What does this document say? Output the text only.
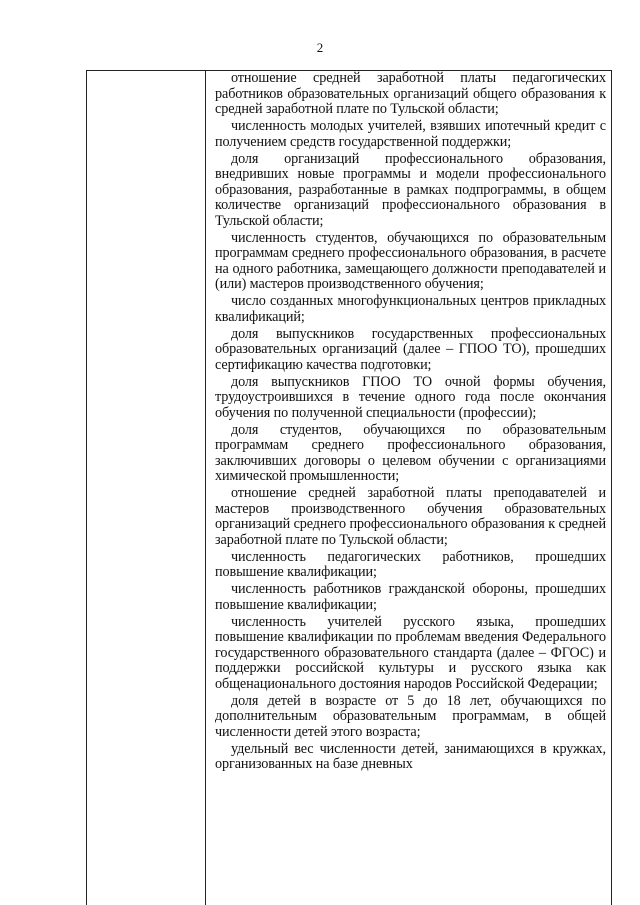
2

отношение средней заработной платы педагогических работников образовательных организаций общего образования к средней заработной плате по Тульской области;

численность молодых учителей, взявших ипотечный кредит с получением средств государственной поддержки;

доля организаций профессионального образования, внедривших новые программы и модели профессионального образования, разработанные в рамках подпрограммы, в общем количестве организаций профессионального образования в Тульской области;

численность студентов, обучающихся по образовательным программам среднего профессионального образования, в расчете на одного работника, замещающего должности преподавателей и (или) мастеров производственного обучения;

число созданных многофункциональных центров прикладных квалификаций;

доля выпускников государственных профессиональных образовательных организаций (далее – ГПОО ТО), прошедших сертификацию качества подготовки;

доля выпускников ГПОО ТО очной формы обучения, трудоустроившихся в течение одного года после окончания обучения по полученной специальности (профессии);

доля студентов, обучающихся по образовательным программам среднего профессионального образования, заключивших договоры о целевом обучении с организациями химической промышленности;

отношение средней заработной платы преподавателей и мастеров производственного обучения образовательных организаций среднего профессионального образования к средней заработной плате по Тульской области;

численность педагогических работников, прошедших повышение квалификации;

численность работников гражданской обороны, прошедших повышение квалификации;

численность учителей русского языка, прошедших повышение квалификации по проблемам введения Федерального государственного образовательного стандарта (далее – ФГОС) и поддержки российской культуры и русского языка как общенационального достояния народов Российской Федерации;

доля детей в возрасте от 5 до 18 лет, обучающихся по дополнительным образовательным программам, в общей численности детей этого возраста;

удельный вес численности детей, занимающихся в кружках, организованных на базе дневных
